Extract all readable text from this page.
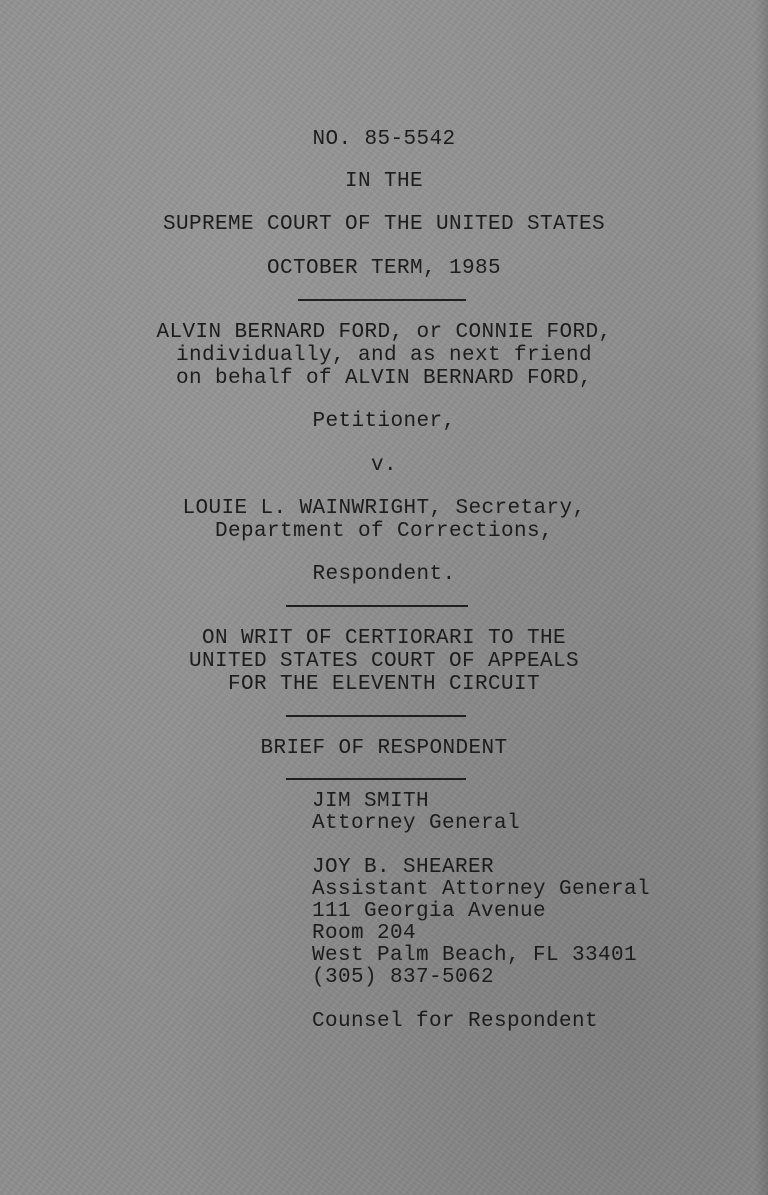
NO. 85-5542
IN THE
SUPREME COURT OF THE UNITED STATES
OCTOBER TERM, 1985
ALVIN BERNARD FORD, or CONNIE FORD,
individually, and as next friend
on behalf of ALVIN BERNARD FORD,
Petitioner,
v.
LOUIE L. WAINWRIGHT, Secretary,
Department of Corrections,
Respondent.
ON WRIT OF CERTIORARI TO THE
UNITED STATES COURT OF APPEALS
FOR THE ELEVENTH CIRCUIT
BRIEF OF RESPONDENT
JIM SMITH
Attorney General
JOY B. SHEARER
Assistant Attorney General
111 Georgia Avenue
Room 204
West Palm Beach, FL 33401
(305) 837-5062
Counsel for Respondent
